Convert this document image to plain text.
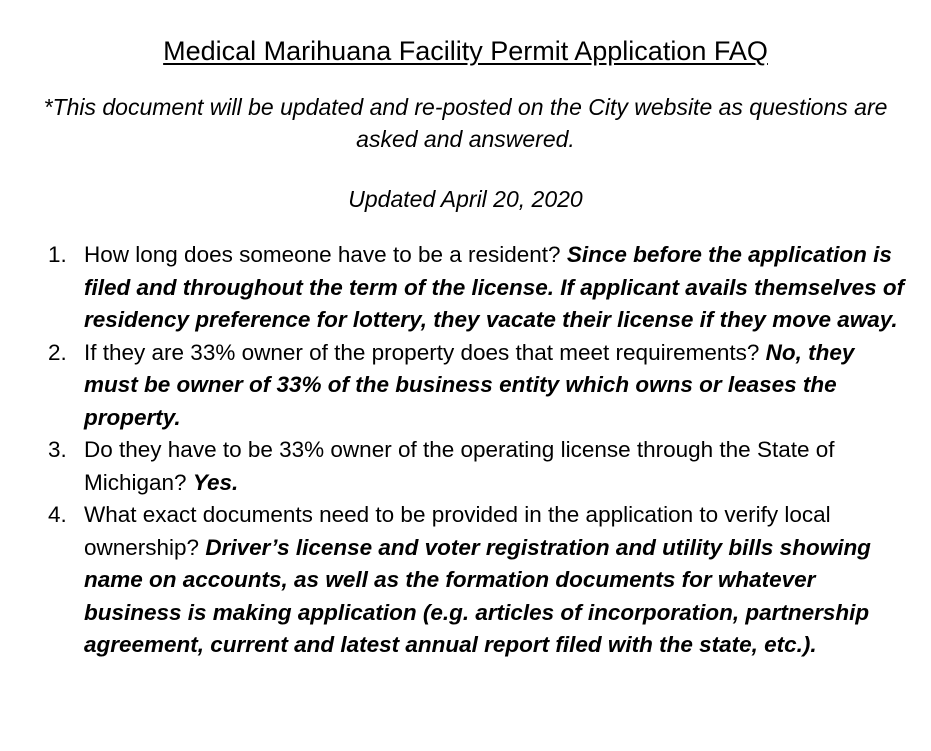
Medical Marihuana Facility Permit Application FAQ

*This document will be updated and re-posted on the City website as questions are asked and answered.

Updated April 20, 2020

1. How long does someone have to be a resident? Since before the application is filed and throughout the term of the license. If applicant avails themselves of residency preference for lottery, they vacate their license if they move away.
2. If they are 33% owner of the property does that meet requirements? No, they must be owner of 33% of the business entity which owns or leases the property.
3. Do they have to be 33% owner of the operating license through the State of Michigan? Yes.
4. What exact documents need to be provided in the application to verify local ownership? Driver’s license and voter registration and utility bills showing name on accounts, as well as the formation documents for whatever business is making application (e.g. articles of incorporation, partnership agreement, current and latest annual report filed with the state, etc.).
